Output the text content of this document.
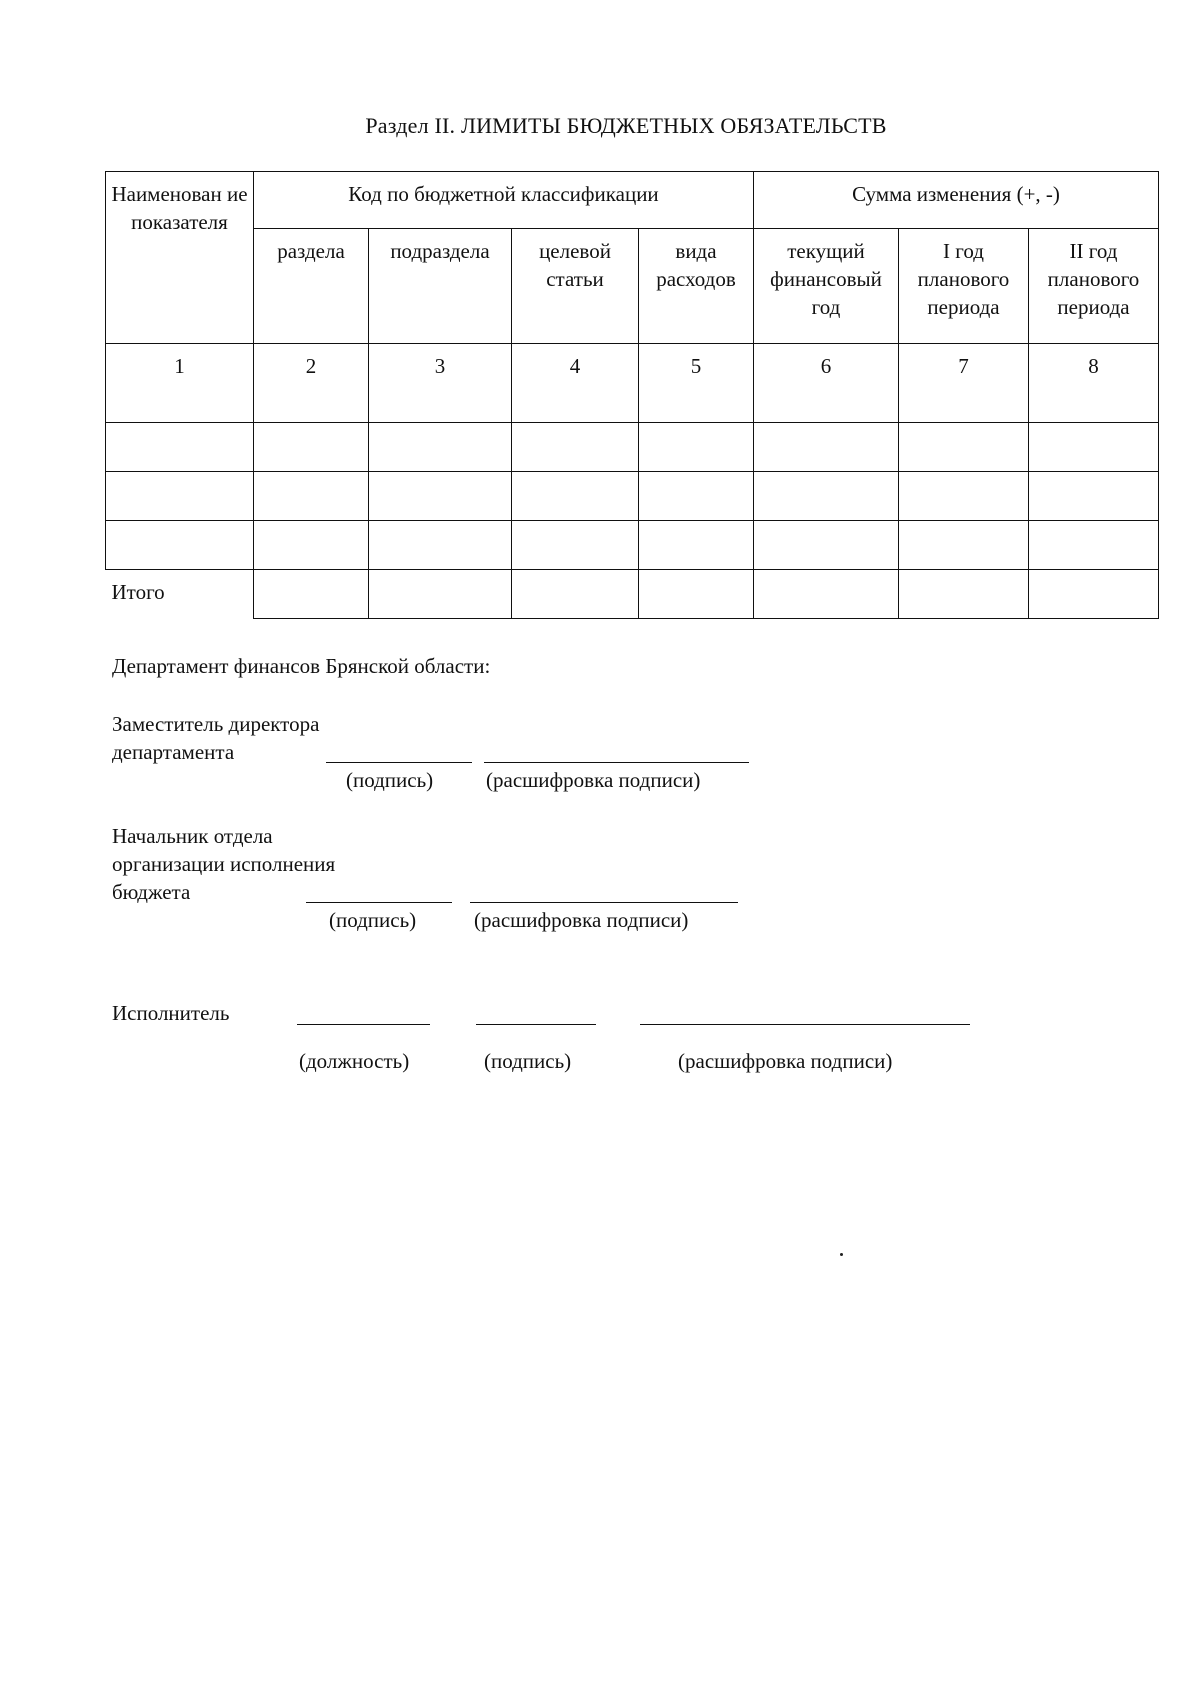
Раздел II. ЛИМИТЫ БЮДЖЕТНЫХ ОБЯЗАТЕЛЬСТВ
Наименован ие показателя	Код по бюджетной классификации				Сумма изменения (+, -)		
	раздела	подраздела	целевой статьи	вида расходов	текущий финансовый год	I год планового периода	II год планового периода
1	2	3	4	5	6	7	8

Итого							
Департамент финансов Брянской области:
Заместитель директора
департамента
(подпись)	(расшифровка подписи)
Начальник отдела
организации исполнения
бюджета
(подпись)	(расшифровка подписи)
Исполнитель
(должность)	(подпись)	(расшифровка подписи)
